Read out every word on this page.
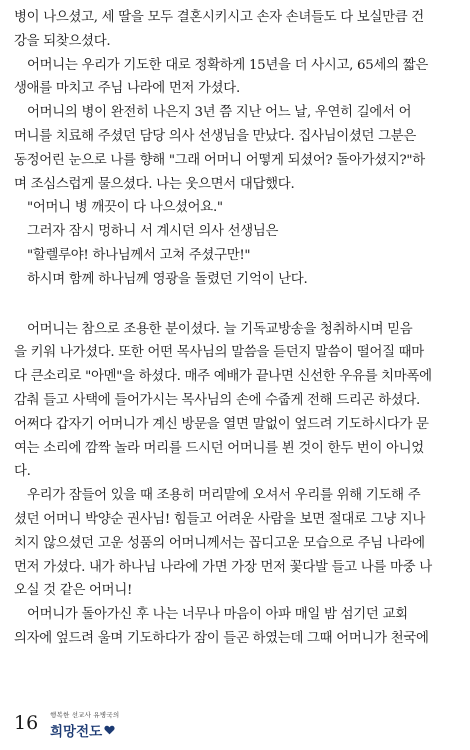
병이 나으셨고, 세 딸을 모두 결혼시키시고 손자 손녀들도 다 보실만큼 건
강을 되찾으셨다.
어머니는 우리가 기도한 대로 정확하게 15년을 더 사시고, 65세의 짧은
생애를 마치고 주님 나라에 먼저 가셨다.
어머니의 병이 완전히 나은지 3년 쯤 지난 어느 날, 우연히 길에서 어
머니를 치료해 주셨던 담당 의사 선생님을 만났다. 집사님이셨던 그분은
동정어린 눈으로 나를 향해 "그래 어머니 어떻게 되셨어? 돌아가셨지?"하
며 조심스럽게 물으셨다. 나는 웃으면서 대답했다.
"어머니 병 깨끗이 다 나으셨어요."
그러자 잠시 멍하니 서 계시던 의사 선생님은
"할렐루야! 하나님께서 고쳐 주셨구만!"
하시며 함께 하나님께 영광을 돌렸던 기억이 난다.
어머니는 참으로 조용한 분이셨다. 늘 기독교방송을 청취하시며 믿음
을 키워 나가셨다. 또한 어떤 목사님의 말씀을 듣던지 말씀이 떨어질 때마
다 큰소리로 "아멘"을 하셨다. 매주 예배가 끝나면 신선한 우유를 치마폭에
감춰 들고 사택에 들어가시는 목사님의 손에 수줍게 전해 드리곤 하셨다.
어쩌다 갑자기 어머니가 계신 방문을 열면 말없이 엎드려 기도하시다가 문
여는 소리에 깜짝 놀라 머리를 드시던 어머니를 뵌 것이 한두 번이 아니었
다.
우리가 잠들어 있을 때 조용히 머리맡에 오셔서 우리를 위해 기도해 주
셨던 어머니 박양순 권사님! 힘들고 어려운 사람을 보면 절대로 그냥 지나
치지 않으셨던 고운 성품의 어머니께서는 꼽디고운 모습으로 주님 나라에
먼저 가셨다. 내가 하나님 나라에 가면 가장 먼저 꽃다발 들고 나를 마중 나
오실 것 같은 어머니!
어머니가 돌아가신 후 나는 너무나 마음이 아파 매일 밤 섬기던 교회
의자에 엎드려 울며 기도하다가 잠이 들곤 하였는데 그때 어머니가 천국에
16 행복한 선교사 유병국의
희망전도
